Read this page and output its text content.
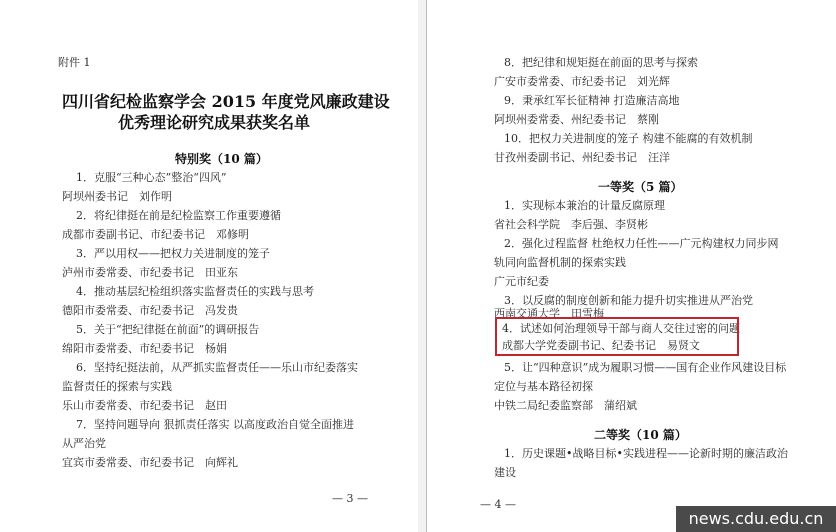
附件 1
四川省纪检监察学会 2015 年度党风廉政建设
优秀理论研究成果获奖名单
特别奖（10 篇）
1．克服“三种心态”整治“四风”
阿坝州委书记　刘作明
2．将纪律挺在前是纪检监察工作重要遵循
成都市委副书记、市纪委书记　邓修明
3．严以用权——把权力关进制度的笼子
泸州市委常委、市纪委书记　田亚东
4．推动基层纪检组织落实监督责任的实践与思考
德阳市委常委、市纪委书记　冯发贵
5．关于“把纪律挺在前面”的调研报告
绵阳市委常委、市纪委书记　杨娟
6．坚持纪挺法前，从严抓实监督责任——乐山市纪委落实
监督责任的探索与实践
乐山市委常委、市纪委书记　赵田
7．坚持问题导向 狠抓责任落实 以高度政治自觉全面推进
从严治党
宜宾市委常委、市纪委书记　向辉礼
— 3 —
8．把纪律和规矩挺在前面的思考与探索
广安市委常委、市纪委书记　刘光辉
9．秉承红军长征精神 打造廉洁高地
阿坝州委常委、州纪委书记　蔡刚
10．把权力关进制度的笼子 构建不能腐的有效机制
甘孜州委副书记、州纪委书记　汪洋
一等奖（5 篇）
1．实现标本兼治的计量反腐原理
省社会科学院　李后强、李贤彬
2．强化过程监督 杜绝权力任性——广元构建权力同步网
轨同向监督机制的探索实践
广元市纪委
3．以反腐的制度创新和能力提升切实推进从严治党
西南交通大学　田雪梅
4．试述如何治理领导干部与商人交往过密的问题
成都大学党委副书记、纪委书记　易贤文
5．让“四种意识”成为履职习惯——国有企业作风建设目标
定位与基本路径初探
中铁二局纪委监察部　蒲绍斌
二等奖（10 篇）
1．历史课题•战略目标•实践进程——论新时期的廉洁政治
建设
— 4 —
news.cdu.edu.cn
